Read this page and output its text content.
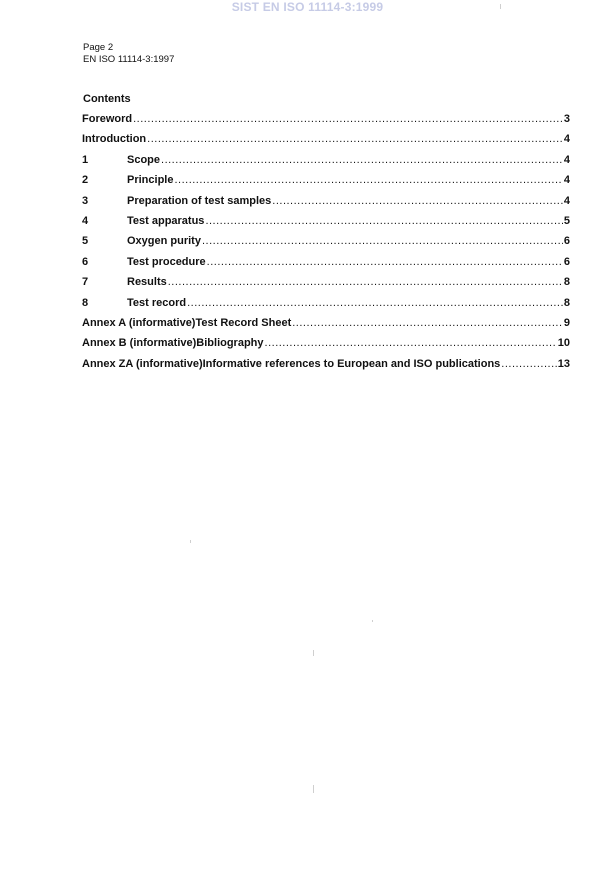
SIST EN ISO 11114-3:1999
Page 2
EN ISO 11114-3:1997
Contents
Foreword .....	3
Introduction .....	4
1	Scope .....	4
2	Principle .....	4
3	Preparation of test samples .....	4
4	Test apparatus .....	5
5	Oxygen purity .....	6
6	Test procedure .....	6
7	Results .....	8
8	Test record .....	8
Annex A (informative)Test Record Sheet .....	9
Annex B (informative)Bibliography .....	10
Annex ZA (informative)Informative references to European and ISO publications .....	13
